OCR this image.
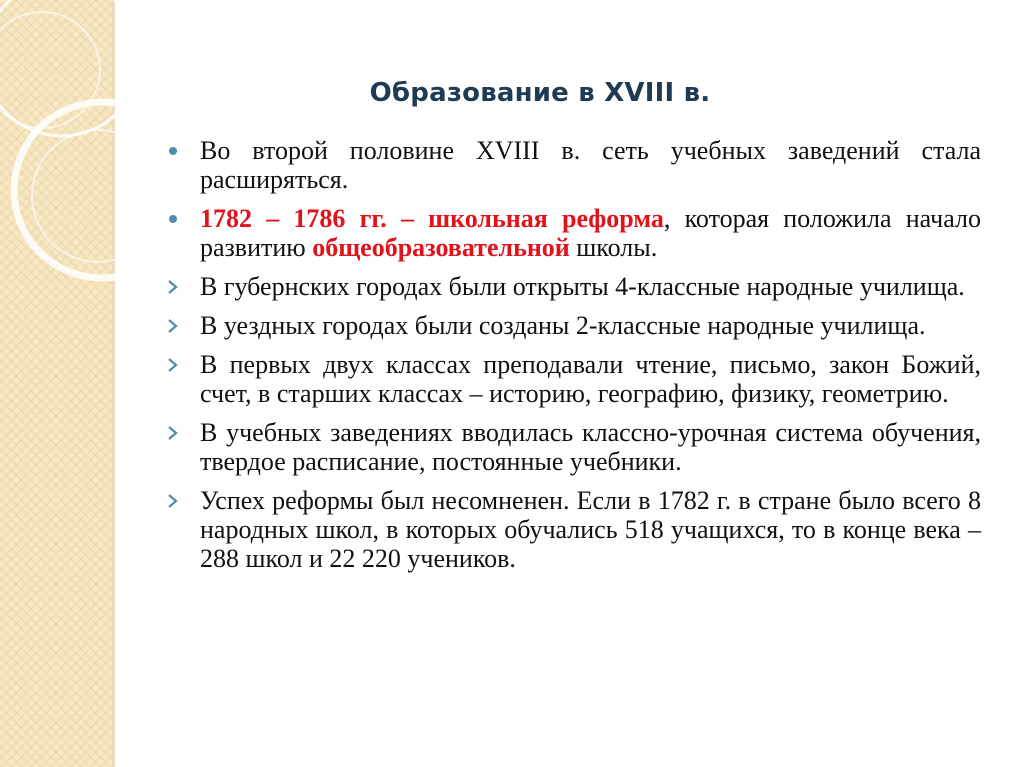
Образование в XVIII в.
Во второй половине XVIII в. сеть учебных заведений стала расширяться.
1782 – 1786 гг. – школьная реформа, которая положила начало развитию общеобразовательной школы.
В губернских городах были открыты 4-классные народные училища.
В уездных городах были созданы 2-классные народные училища.
В первых двух классах преподавали чтение, письмо, закон Божий, счет, в старших классах – историю, географию, физику, геометрию.
В учебных заведениях вводилась классно-урочная система обучения, твердое расписание, постоянные учебники.
Успех реформы был несомненен. Если в 1782 г. в стране было всего 8 народных школ, в которых обучались 518 учащихся, то в конце века – 288 школ и 22 220 учеников.
